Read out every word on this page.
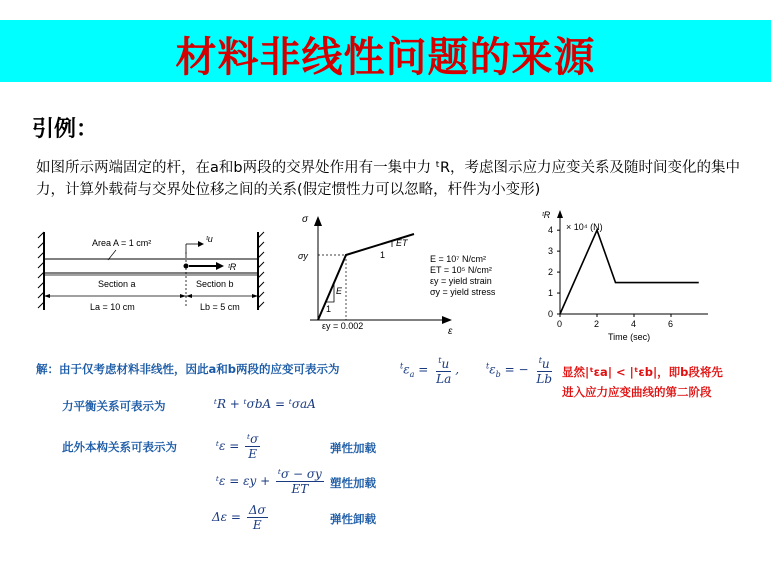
材料非线性问题的来源
引例：
如图所示两端固定的杆，在a和b两段的交界处作用有一集中力 ᵗR，考虑图示应力应变关系及随时间变化的集中力，计算外载荷与交界处位移之间的关系(假定惯性力可以忽略，杆件为小变形)
Area A = 1 cm²	ᵗu
ᵗR
Section a	Section b
La = 10 cm	Lb = 5 cm
σ
ε
σy
εy = 0.002
E
1
ET
1	E = 10⁷ N/cm²
ET = 10⁵ N/cm²
εy = yield strain
σy = yield stress
ᵗR
× 10⁴ (N)
Time (sec)
0
1
2
3
4
0	2	4	6
解：由于仅考虑材料非线性，因此a和b两段的应变可表示为	$^t\varepsilon_a = \frac{^tu}{La}$ ,	$^t\varepsilon_b$ = − $\frac{^tu}{Lb}$ 显然|ᵗεa| < |ᵗεb|，即b段将先
进入应力应变曲线的第二阶段
力平衡关系可表示为	ᵗR + ᵗσbA = ᵗσaA
此外本构关系可表示为	ᵗε = $\frac{\text{ᵗσ}}{E}$	弹性加载
ᵗε = $\varepsilon y + \frac{\text{ᵗσ − σy}}{ET}$ 塑性加载
$\Delta\varepsilon = \frac{\Delta\sigma}{E}$	弹性卸载
